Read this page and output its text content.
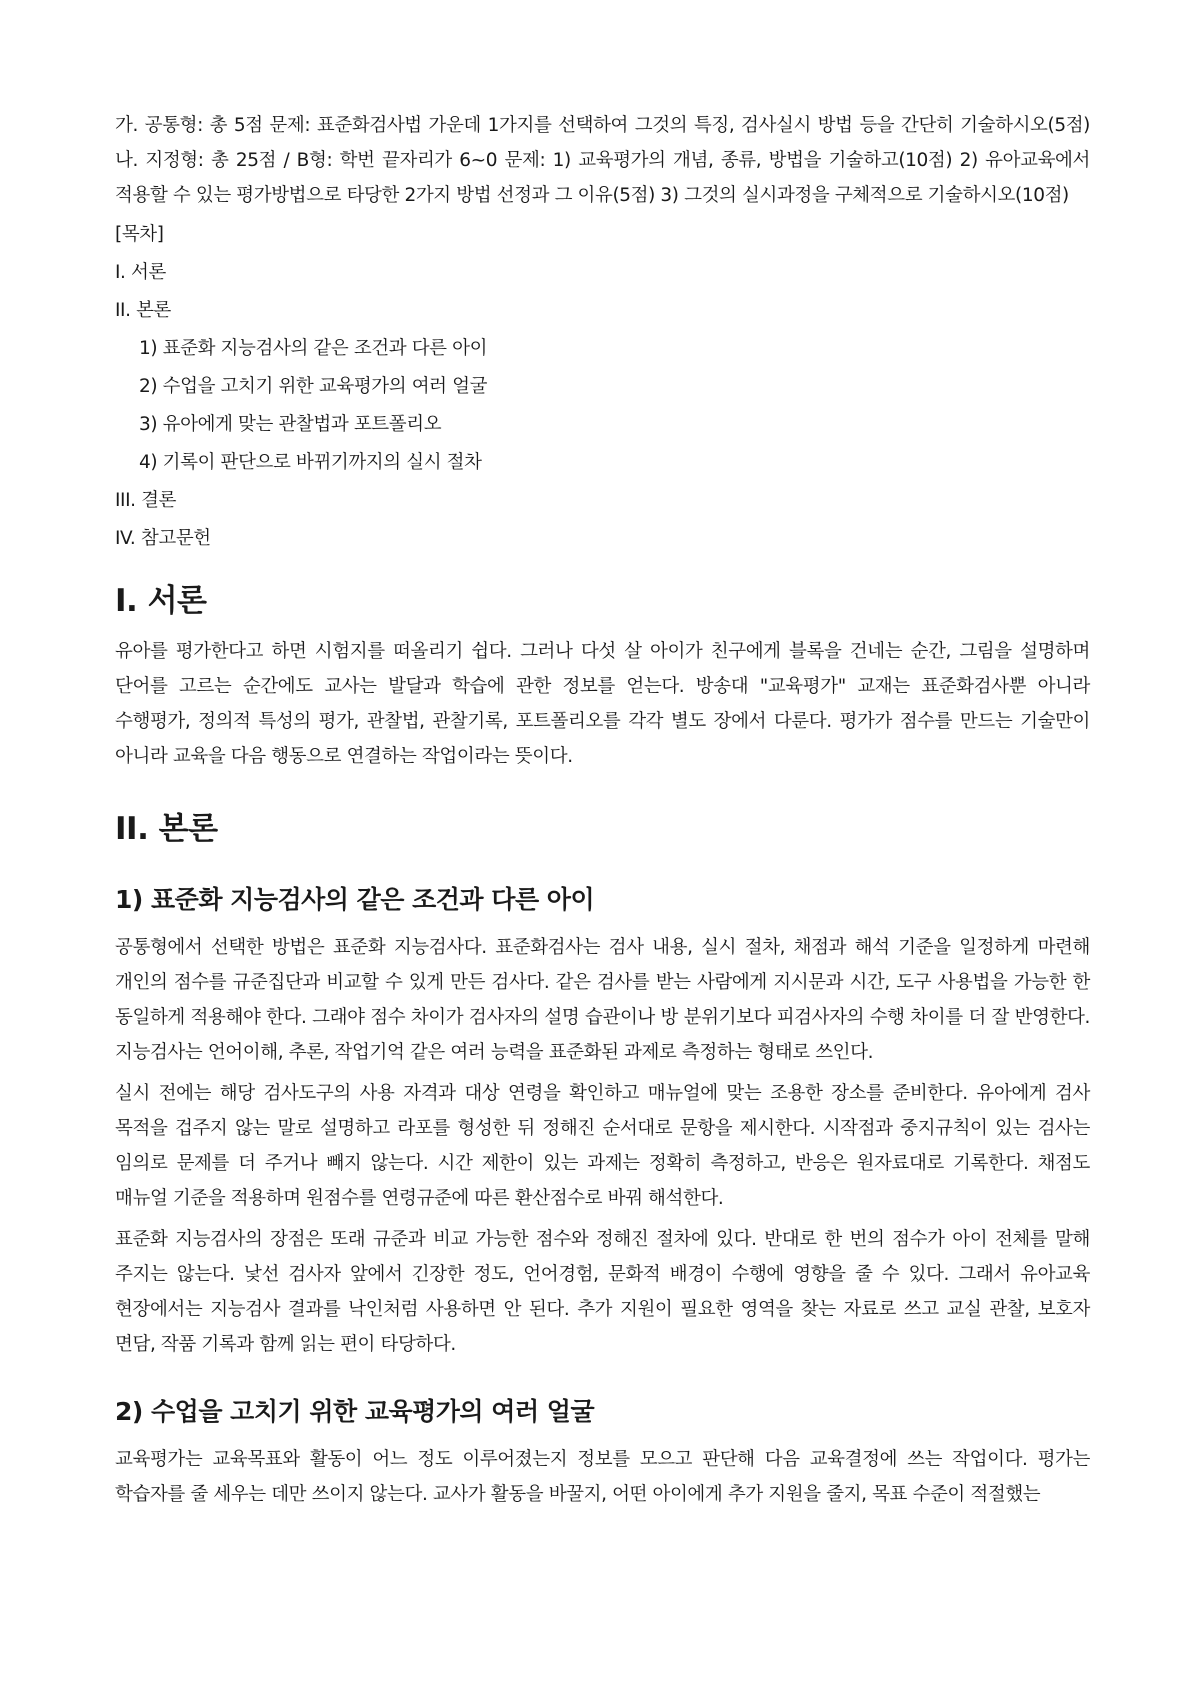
가. 공통형: 총 5점 문제: 표준화검사법 가운데 1가지를 선택하여 그것의 특징, 검사실시 방법 등을 간단히 기술하시오(5점) 나. 지정형: 총 25점 / B형: 학번 끝자리가 6~0 문제: 1) 교육평가의 개념, 종류, 방법을 기술하고(10점) 2) 유아교육에서 적용할 수 있는 평가방법으로 타당한 2가지 방법 선정과 그 이유(5점) 3) 그것의 실시과정을 구체적으로 기술하시오(10점)

[목차]

I. 서론

II. 본론

1) 표준화 지능검사의 같은 조건과 다른 아이

2) 수업을 고치기 위한 교육평가의 여러 얼굴

3) 유아에게 맞는 관찰법과 포트폴리오

4) 기록이 판단으로 바뀌기까지의 실시 절차

III. 결론

IV. 참고문헌

I. 서론

유아를 평가한다고 하면 시험지를 떠올리기 쉽다. 그러나 다섯 살 아이가 친구에게 블록을 건네는 순간, 그림을 설명하며 단어를 고르는 순간에도 교사는 발달과 학습에 관한 정보를 얻는다. 방송대 "교육평가" 교재는 표준화검사뿐 아니라 수행평가, 정의적 특성의 평가, 관찰법, 관찰기록, 포트폴리오를 각각 별도 장에서 다룬다. 평가가 점수를 만드는 기술만이 아니라 교육을 다음 행동으로 연결하는 작업이라는 뜻이다.

II. 본론
1) 표준화 지능검사의 같은 조건과 다른 아이

공통형에서 선택한 방법은 표준화 지능검사다. 표준화검사는 검사 내용, 실시 절차, 채점과 해석 기준을 일정하게 마련해 개인의 점수를 규준집단과 비교할 수 있게 만든 검사다. 같은 검사를 받는 사람에게 지시문과 시간, 도구 사용법을 가능한 한 동일하게 적용해야 한다. 그래야 점수 차이가 검사자의 설명 습관이나 방 분위기보다 피검사자의 수행 차이를 더 잘 반영한다. 지능검사는 언어이해, 추론, 작업기억 같은 여러 능력을 표준화된 과제로 측정하는 형태로 쓰인다.

실시 전에는 해당 검사도구의 사용 자격과 대상 연령을 확인하고 매뉴얼에 맞는 조용한 장소를 준비한다. 유아에게 검사 목적을 겁주지 않는 말로 설명하고 라포를 형성한 뒤 정해진 순서대로 문항을 제시한다. 시작점과 중지규칙이 있는 검사는 임의로 문제를 더 주거나 빼지 않는다. 시간 제한이 있는 과제는 정확히 측정하고, 반응은 원자료대로 기록한다. 채점도 매뉴얼 기준을 적용하며 원점수를 연령규준에 따른 환산점수로 바꿔 해석한다.

표준화 지능검사의 장점은 또래 규준과 비교 가능한 점수와 정해진 절차에 있다. 반대로 한 번의 점수가 아이 전체를 말해 주지는 않는다. 낯선 검사자 앞에서 긴장한 정도, 언어경험, 문화적 배경이 수행에 영향을 줄 수 있다. 그래서 유아교육 현장에서는 지능검사 결과를 낙인처럼 사용하면 안 된다. 추가 지원이 필요한 영역을 찾는 자료로 쓰고 교실 관찰, 보호자 면담, 작품 기록과 함께 읽는 편이 타당하다.

2) 수업을 고치기 위한 교육평가의 여러 얼굴

교육평가는 교육목표와 활동이 어느 정도 이루어졌는지 정보를 모으고 판단해 다음 교육결정에 쓰는 작업이다. 평가는 학습자를 줄 세우는 데만 쓰이지 않는다. 교사가 활동을 바꿀지, 어떤 아이에게 추가 지원을 줄지, 목표 수준이 적절했는
